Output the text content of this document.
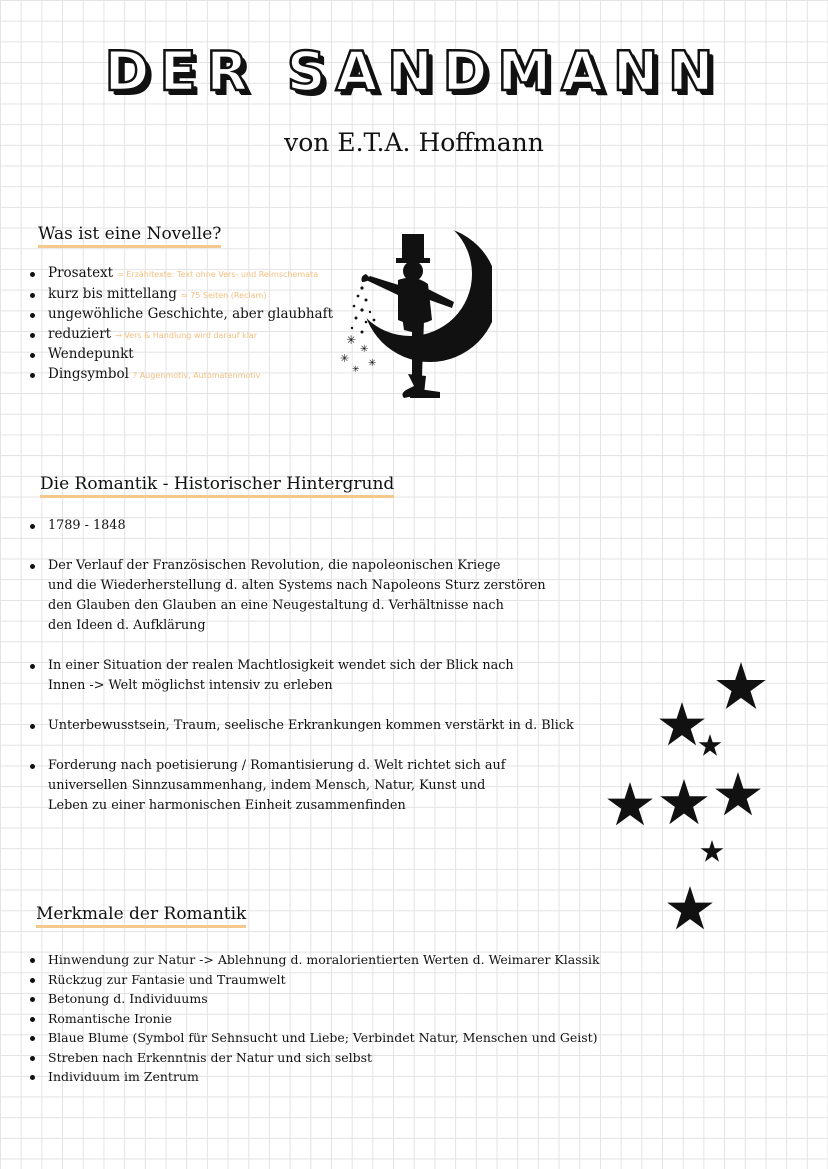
DER SANDMANN
von E.T.A. Hoffmann
Was ist eine Novelle?
Prosatext = Erzähltexte: Text ohne Vers- und Reimschemata
kurz bis mittellang ≈ 75 Seiten (Reclam)
ungewöhliche Geschichte, aber glaubhaft
reduziert → Vers & Handlung wird darauf klar
Wendepunkt
Dingsymbol ? Augenmotiv, Automatenmotiv
✳
✳
✳ ✳
✳
Die Romantik - Historischer Hintergrund
1789 - 1848
Der Verlauf der Französischen Revolution, die napoleonischen Kriege
und die Wiederherstellung d. alten Systems nach Napoleons Sturz zerstören
den Glauben den Glauben an eine Neugestaltung d. Verhältnisse nach
den Ideen d. Aufklärung
In einer Situation der realen Machtlosigkeit wendet sich der Blick nach
Innen -> Welt möglichst intensiv zu erleben
Unterbewusstsein, Traum, seelische Erkrankungen kommen verstärkt in d. Blick
Forderung nach poetisierung / Romantisierung d. Welt richtet sich auf
universellen Sinnzusammenhang, indem Mensch, Natur, Kunst und
Leben zu einer harmonischen Einheit zusammenfinden
Merkmale der Romantik
Hinwendung zur Natur -> Ablehnung d. moralorientierten Werten d. Weimarer Klassik
Rückzug zur Fantasie und Traumwelt
Betonung d. Individuums
Romantische Ironie
Blaue Blume (Symbol für Sehnsucht und Liebe; Verbindet Natur, Menschen und Geist)
Streben nach Erkenntnis der Natur und sich selbst
Individuum im Zentrum
